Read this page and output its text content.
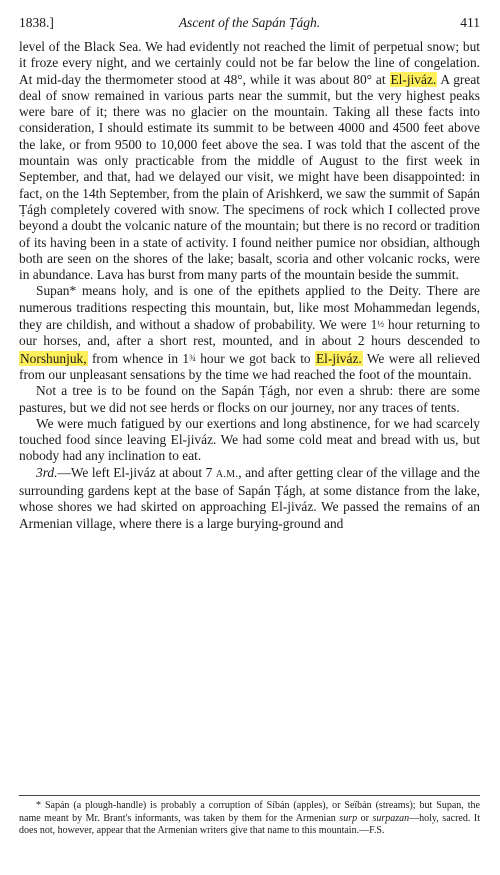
1838.]	Ascent of the Sapán Ṭágh.	411

level of the Black Sea. We had evidently not reached the limit of perpetual snow; but it froze every night, and we certainly could not be far below the line of congelation. At mid-day the thermometer stood at 48°, while it was about 80° at El-jiváz. A great deal of snow remained in various parts near the summit, but the very highest peaks were bare of it; there was no glacier on the mountain. Taking all these facts into consideration, I should estimate its summit to be between 4000 and 4500 feet above the lake, or from 9500 to 10,000 feet above the sea. I was told that the ascent of the mountain was only practicable from the middle of August to the first week in September, and that, had we delayed our visit, we might have been disappointed: in fact, on the 14th September, from the plain of Arishkerd, we saw the summit of Sapán Ṭágh completely covered with snow. The specimens of rock which I collected prove beyond a doubt the volcanic nature of the mountain; but there is no record or tradition of its having been in a state of activity. I found neither pumice nor obsidian, although both are seen on the shores of the lake; basalt, scoria and other volcanic rocks, were in abundance. Lava has burst from many parts of the mountain beside the summit.

Supan* means holy, and is one of the epithets applied to the Deity. There are numerous traditions respecting this mountain, but, like most Mohammedan legends, they are childish, and without a shadow of probability. We were 1½ hour returning to our horses, and, after a short rest, mounted, and in about 2 hours descended to Norshunjuk, from whence in 1¾ hour we got back to El-jiváz. We were all relieved from our unpleasant sensations by the time we had reached the foot of the mountain.

Not a tree is to be found on the Sapán Ṭágh, nor even a shrub: there are some pastures, but we did not see herds or flocks on our journey, nor any traces of tents.

We were much fatigued by our exertions and long abstinence, for we had scarcely touched food since leaving El-jiváz. We had some cold meat and bread with us, but nobody had any inclination to eat.

3rd.—We left El-jiváz at about 7 A.M., and after getting clear of the village and the surrounding gardens kept at the base of Sapán Ṭágh, at some distance from the lake, whose shores we had skirted on approaching El-jiváz. We passed the remains of an Armenian village, where there is a large burying-ground and

* Sapán (a plough-handle) is probably a corruption of Síbán (apples), or Seïbán (streams); but Supan, the name meant by Mr. Brant's informants, was taken by them for the Armenian surp or surpazan—holy, sacred. It does not, however, appear that the Armenian writers give that name to this mountain.—F.S.
